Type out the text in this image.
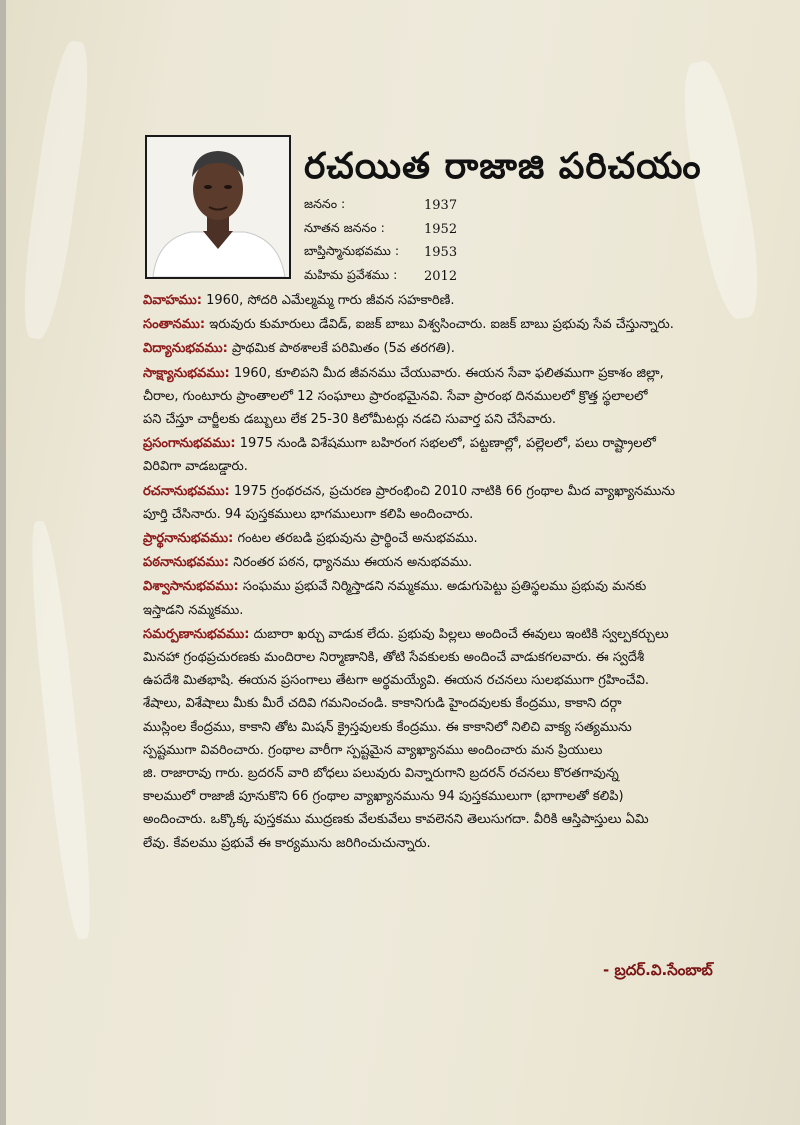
రచయిత రాజాజి పరిచయం
జననం :	1937
నూతన జననం :	1952
బాప్తిస్మానుభవము :	1953
మహిమ ప్రవేశము :	2012
వివాహము: 1960, సోదరి ఎమేల్మమ్మ గారు జీవన సహకారిణి.
సంతానము: ఇరువురు కుమారులు డేవిడ్, ఐజక్ బాబు విశ్వసించారు. ఐజక్ బాబు ప్రభువు సేవ చేస్తున్నారు.
విద్యానుభవము: ప్రాథమిక పాఠశాలకే పరిమితం (5వ తరగతి).
సాక్ష్యానుభవము: 1960, కూలిపని మీద జీవనము చేయువారు. ఈయన సేవా ఫలితముగా ప్రకాశం జిల్లా,
చీరాల, గుంటూరు ప్రాంతాలలో 12 సంఘాలు ప్రారంభమైనవి. సేవా ప్రారంభ దినములలో క్రొత్త స్థలాలలో
పని చేస్తూ చార్జీలకు డబ్బులు లేక 25-30 కిలోమీటర్లు నడచి సువార్త పని చేసేవారు.
ప్రసంగానుభవము: 1975 నుండి విశేషముగా బహిరంగ సభలలో, పట్టణాల్లో, పల్లెలలో, పలు రాష్ట్రాలలో
విరివిగా వాడబడ్డారు.
రచనానుభవము: 1975 గ్రంథరచన, ప్రచురణ ప్రారంభించి 2010 నాటికి 66 గ్రంథాల మీద వ్యాఖ్యానమును
పూర్తి చేసినారు. 94 పుస్తకములు భాగములుగా కలిపి అందించారు.
ప్రార్థనానుభవము: గంటల తరబడి ప్రభువును ప్రార్థించే అనుభవము.
పఠనానుభవము: నిరంతర పఠన, ధ్యానము ఈయన అనుభవము.
విశ్వాసానుభవము: సంఘము ప్రభువే నిర్మిస్తాడని నమ్మకము. అడుగుపెట్టు ప్రతిస్థలము ప్రభువు మనకు
ఇస్తాడని నమ్మకము.
సమర్పణానుభవము: దుబారా ఖర్చు వాడుక లేదు. ప్రభువు పిల్లలు అందించే ఈవులు ఇంటికి స్వల్పకర్చులు
మినహా గ్రంథప్రచురణకు మందిరాల నిర్మాణానికి, తోటి సేవకులకు అందించే వాడుకగలవారు. ఈ స్వదేశీ
ఉపదేశి మితభాషి. ఈయన ప్రసంగాలు తేటగా అర్థమయ్యేవి. ఈయన రచనలు సులభముగా గ్రహించేవి.
శేషాలు, విశేషాలు మీకు మీరే చదివి గమనించండి. కాకానిగుడి హైందవులకు కేంద్రము, కాకాని దర్గా
ముస్లింల కేంద్రము, కాకాని తోట మిషన్ క్రైస్తవులకు కేంద్రము. ఈ కాకానిలో నిలిచి వాక్య సత్యమును
స్పష్టముగా వివరించారు. గ్రంథాల వారీగా స్పష్టమైన వ్యాఖ్యానము అందించారు మన ప్రియులు
జి. రాజారావు గారు. బ్రదరన్ వారి బోధలు పలువురు విన్నారుగాని బ్రదరన్ రచనలు కొరతగావున్న
కాలములో రాజాజీ పూనుకొని 66 గ్రంథాల వ్యాఖ్యానమును 94 పుస్తకములుగా (భాగాలతో కలిపి)
అందించారు. ఒక్కొక్క పుస్తకము ముద్రణకు వేలకువేలు కావలెనని తెలుసుగదా. వీరికి ఆస్తిపాస్తులు ఏమి
లేవు. కేవలము ప్రభువే ఈ కార్యమును జరిగించుచున్నారు.
- బ్రదర్.వి.సేంబాబ్
